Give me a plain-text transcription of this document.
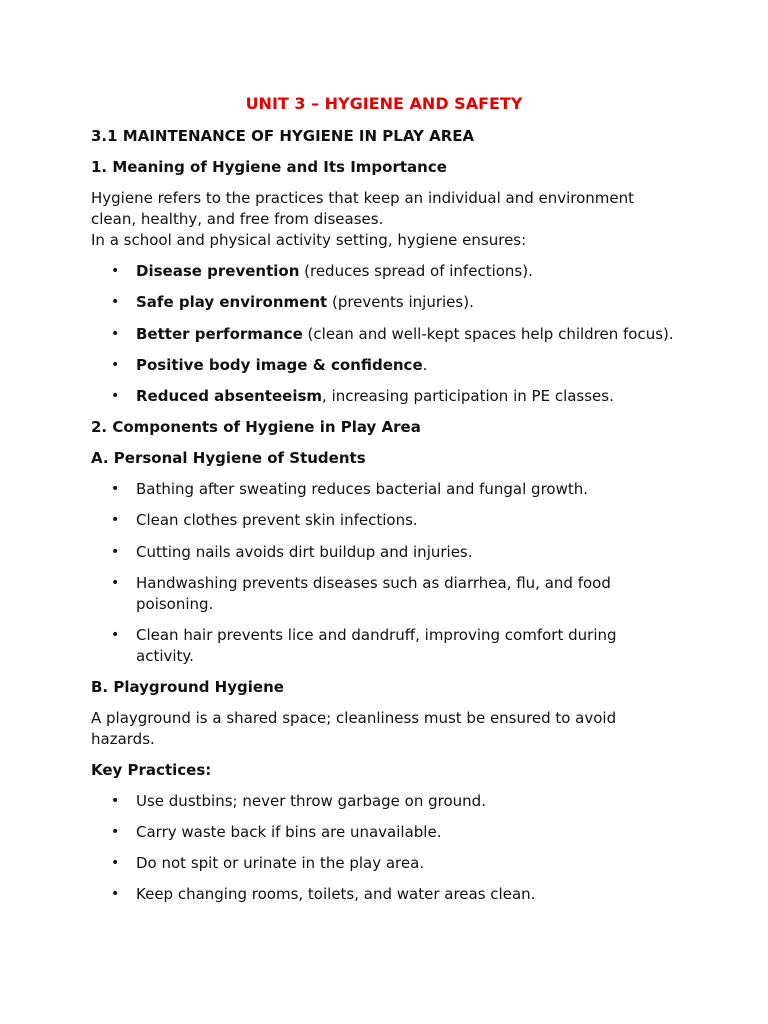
UNIT 3 – HYGIENE AND SAFETY

3.1 MAINTENANCE OF HYGIENE IN PLAY AREA

1. Meaning of Hygiene and Its Importance

Hygiene refers to the practices that keep an individual and environment

clean, healthy, and free from diseases.

In a school and physical activity setting, hygiene ensures:

• Disease prevention (reduces spread of infections).

• Safe play environment (prevents injuries).

• Better performance (clean and well-kept spaces help children focus).

• Positive body image & confidence.

• Reduced absenteeism, increasing participation in PE classes.

2. Components of Hygiene in Play Area

A. Personal Hygiene of Students

• Bathing after sweating reduces bacterial and fungal growth.

• Clean clothes prevent skin infections.

• Cutting nails avoids dirt buildup and injuries.

• Handwashing prevents diseases such as diarrhea, flu, and food

poisoning.

• Clean hair prevents lice and dandruff, improving comfort during

activity.

B. Playground Hygiene

A playground is a shared space; cleanliness must be ensured to avoid

hazards.

Key Practices:

• Use dustbins; never throw garbage on ground.

• Carry waste back if bins are unavailable.

• Do not spit or urinate in the play area.

• Keep changing rooms, toilets, and water areas clean.
